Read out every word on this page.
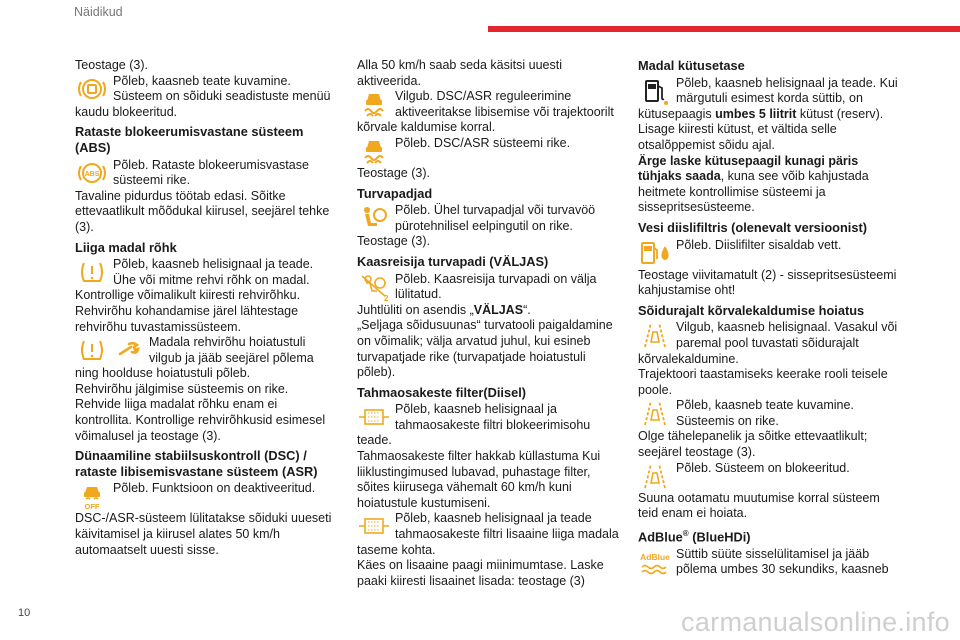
Näidikud
10	carmanualsonline.info

Teostage (3).

Põleb, kaasneb teate kuvamine. Süsteem on sõiduki seadistuste menüü kaudu blokeeritud.
Rataste blokeerumisvastane süsteem (ABS)
ABS
Põleb. Rataste blokeerumisvastase süsteemi rike.

Tavaline pidurdus töötab edasi. Sõitke ettevaatlikult mõõdukal kiirusel, seejärel tehke (3).

Liiga madal rõhk
Põleb, kaasneb helisignaal ja teade. Ühe või mitme rehvi rõhk on madal.

Kontrollige võimalikult kiiresti rehvirõhku. Rehvirõhu kohandamise järel lähtestage rehvirõhu tuvastamissüsteem.

Madala rehvirõhu hoiatustuli vilgub ja jääb seejärel põlema ning hoolduse hoiatustuli põleb.

Rehvirõhu jälgimise süsteemis on rike. Rehvide liiga madalat rõhku enam ei kontrollita. Kontrollige rehvirõhkusid esimesel võimalusel ja teostage (3).

Dünaamiline stabiilsuskontroll (DSC) / rataste libisemisvastane süsteem (ASR)
OFF
Põleb. Funktsioon on deaktiveeritud.

DSC-/ASR-süsteem lülitatakse sõiduki uueseti käivitamisel ja kiirusel alates 50 km/h automaatselt uuesti sisse.

Alla 50 km/h saab seda käsitsi uuesti aktiveerida.

Vilgub. DSC/ASR reguleerimine aktiveeritakse libisemise või trajektoorilt kõrvale kaldumise korral.
Põleb. DSC/ASR süsteemi rike.

Teostage (3).

Turvapadjad
Põleb. Ühel turvapadjal või turvavöö pürotehnilisel eelpingutil on rike.

Teostage (3).

Kaasreisija turvapadi (VÄLJAS)
2
Põleb. Kaasreisija turvapadi on välja lülitatud.

Juhtlüliti on asendis „VÄLJAS“.

„Seljaga sõidusuunas“ turvatooli paigaldamine on võimalik; välja arvatud juhul, kui esineb turvapatjade rike (turvapatjade hoiatustuli põleb).

Tahmaosakeste filter(Diisel)
Põleb, kaasneb helisignaal ja tahmaosakeste filtri blokeerimisohu teade.

Tahmaosakeste filter hakkab küllastuma Kui liiklustingimused lubavad, puhastage filter, sõites kiirusega vähemalt 60 km/h kuni hoiatustule kustumiseni.

Põleb, kaasneb helisignaal ja teade tahmaosakeste filtri lisaaine liiga madala taseme kohta.

Käes on lisaaine paagi miinimumtase. Laske paaki kiiresti lisaainet lisada: teostage (3)

Madal kütusetase
Põleb, kaasneb helisignaal ja teade. Kui märgutuli esimest korda süttib, on kütusepaagis umbes 5 liitrit kütust (reserv).

Lisage kiiresti kütust, et vältida selle otsalõppemist sõidu ajal.

Ärge laske kütusepaagil kunagi päris tühjaks saada, kuna see võib kahjustada heitmete kontrollimise süsteemi ja sissepritsesüsteeme.

Vesi diislifiltris (olenevalt versioonist)
Põleb. Diislifilter sisaldab vett.

Teostage viivitamatult (2) - sissepritsesüsteemi kahjustamise oht!

Sõidurajalt kõrvalekaldumise hoiatus
Vilgub, kaasneb helisignaal. Vasakul või paremal pool tuvastati sõidurajalt kõrvalekaldumine.

Trajektoori taastamiseks keerake rooli teisele poole.

Põleb, kaasneb teate kuvamine. Süsteemis on rike.

Olge tähelepanelik ja sõitke ettevaatlikult; seejärel teostage (3).

Põleb. Süsteem on blokeeritud.

Suuna ootamatu muutumise korral süsteem teid enam ei hoiata.

AdBlue® (BlueHDi)
AdBlue Süttib süüte sisselülitamisel ja jääb põlema umbes 30 sekundiks, kaasneb
